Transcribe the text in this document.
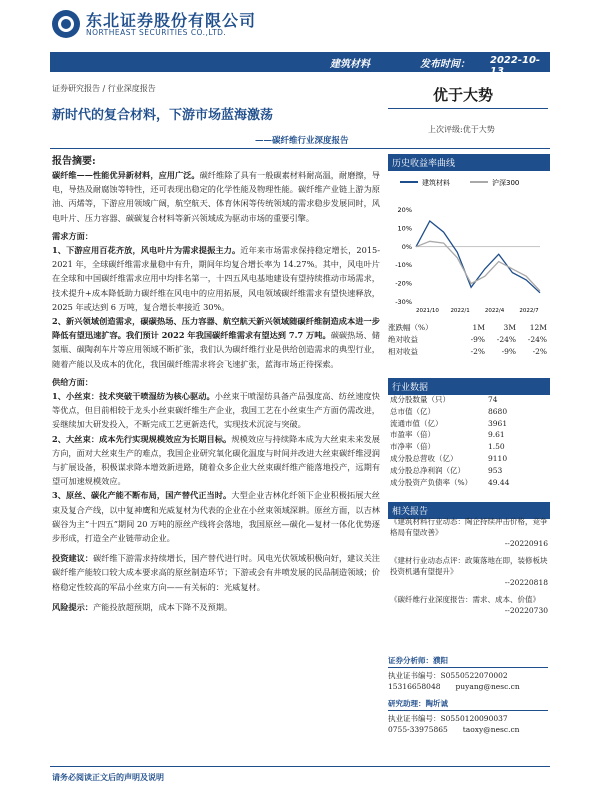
东北证券股份有限公司
NORTHEAST SECURITIES CO.,LTD.
建筑材料	发布时间： 2022-10-13
证券研究报告 / 行业深度报告
新时代的复合材料，下游市场蓝海激荡
——碳纤维行业深度报告
优于大势
上次评级:优于大势
报告摘要:

碳纤维——性能优异新材料，应用广泛。碳纤维除了具有一般碳素材料耐高温，耐磨擦，导电，导热及耐腐蚀等特性，还可表现出稳定的化学性能及物理性能。碳纤维产业链上游为原油、丙烯等，下游应用领域广阔，航空航天、体育休闲等传统领域的需求稳步发展同时，风电叶片、压力容器、碳碳复合材料等新兴领域成为驱动市场的重要引擎。

需求方面：

1、下游应用百花齐放，风电叶片为需求提振主力。近年来市场需求保持稳定增长，2015-2021 年，全球碳纤维需求量稳中有升，期间年均复合增长率为 14.27%。其中，风电叶片在全球和中国碳纤维需求应用中均排名第一，十四五风电基地建设有望持续推动市场需求，技术提升+成本降低助力碳纤维在风电中的应用拓展，风电领域碳纤维需求有望快速释放，2025 年或达到 6 万吨，复合增长率接近 30%。

2、新兴领域创造需求，碳碳热场、压力容器、航空航天新兴领域随碳纤维制造成本进一步降低有望迅速扩容。我们预计 2022 年我国碳纤维需求有望达到 7.7 万吨。碳碳热场、储氢瓶、碳陶刹车片等应用领域不断扩张，我们认为碳纤维行业是供给创造需求的典型行业，随着产能以及成本的优化，我国碳纤维需求将会飞速扩张，蓝海市场正待探索。

供给方面：

1、小丝束：技术突破干喷湿纺为核心驱动。小丝束干喷湿纺具备产品强度高、纺丝速度快等优点，但目前相较于龙头小丝束碳纤维生产企业，我国工艺在小丝束生产方面仍需改进，妥继续加大研发投入，不断完成工艺更新迭代，实现技术沉淀与突破。

2、大丝束：成本先行实现规模效应为长期目标。规模效应与持续降本成为大丝束未来发展方向，面对大丝束生产的难点，我国企业研究氧化碳化温度与时间并改进大丝束碳纤维浸润与扩展设备，积极谋求降本增效新进路，随着众多企业大丝束碳纤维产能落地投产，远期有望可加速规模效应。

3、原丝、碳化产能不断布局，国产替代正当时。大型企业吉林化纤领下企业积极拓展大丝束及复合产线，以中复神鹰和光威复材为代表的企业在小丝束领域深耕。原丝方面，以吉林碳谷为主“十四五”期间 20 万吨的原丝产线将会落地，我国原丝—碳化—复材一体化优势逐步形成，打造全产业链带动企业。

投资建议：碳纤维下游需求持续增长，国产替代进行时。风电光伏领域积极向好，建议关注碳纤维产能较口较大成本要求高的原丝制造环节；下游或会有井喷发展的民品制造领域；价格稳定性较高的军品小丝束方向——有关标的：光威复材。

风险提示：产能投放超预期，成本下降不及预期。

历史收益率曲线
建筑材料	沪深300
20%
10%
0%
-10%
-20%
-30%
2021/10 2022/1	2022/4	2022/7
涨跌幅（%）	1M	3M	12M
绝对收益	-9%	-24%	-24%
相对收益	-2%	-9%	-2%
行业数据
成分股数量（只）	74
总市值（亿）	8680
流通市值（亿）	3961
市盈率（倍）	9.61
市净率（倍）	1.50
成分股总营收（亿）	9110
成分股总净利润（亿）	953
成分股资产负债率（%）	49.44
相关报告

《建筑材料行业动态：陶企持续冲击价格，竞争格局有望改善》

--20220916

《建材行业动态点评：政策落地在即，装修板块投资机遇有望提升》

--20220818

《碳纤维行业深度报告：需求、成本、价值》

--20220730

证券分析师：濮阳

执业证书编号：S0550522070002

15316658048　　puyang@nesc.cn

研究助理：陶圻诚

执业证书编号：S0550120090037

0755-33975865　　taoxy@nesc.cn

请务必阅读正文后的声明及说明
